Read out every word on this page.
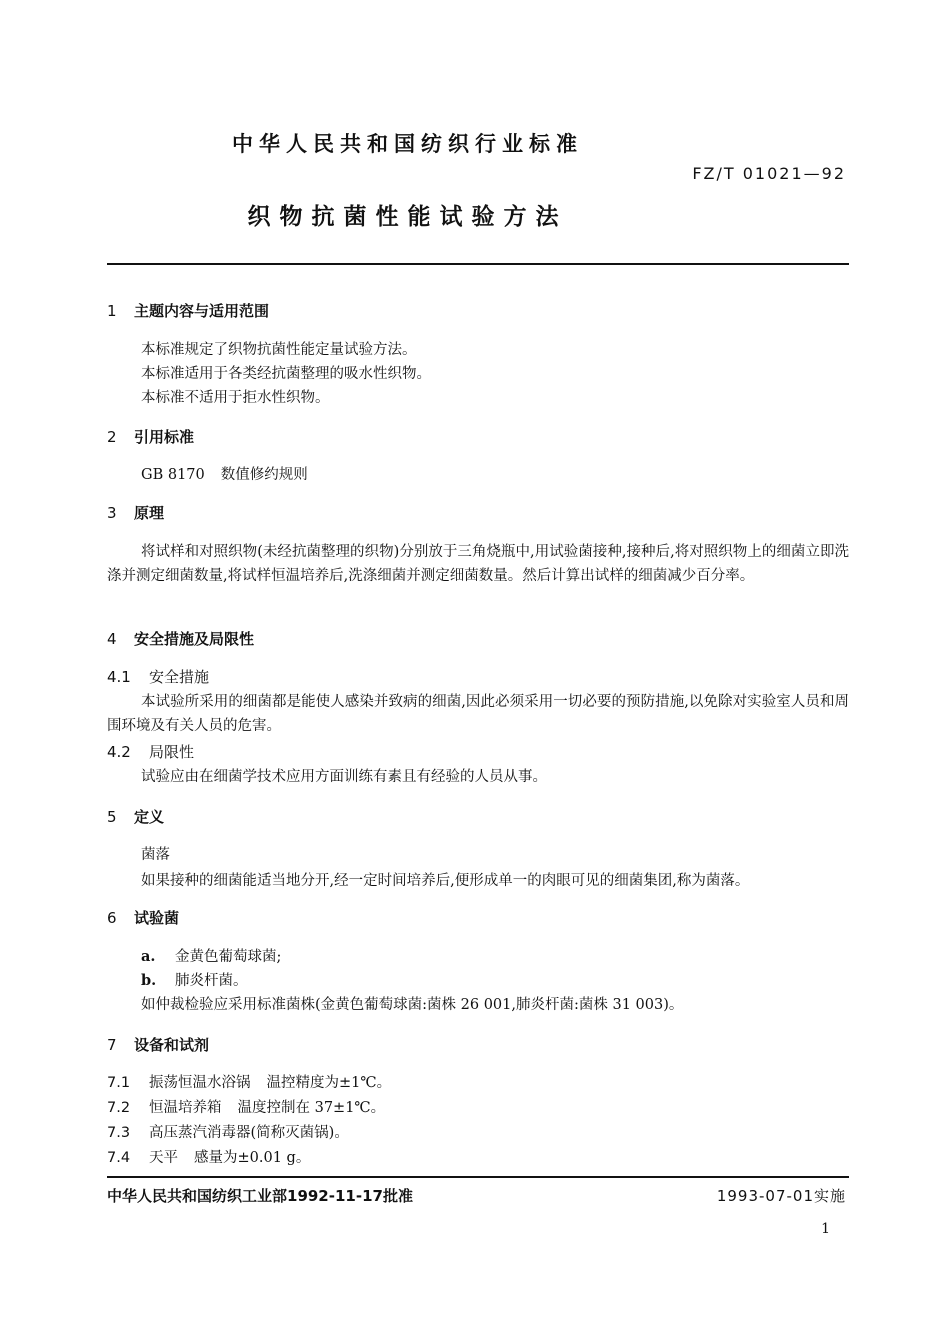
中华人民共和国纺织行业标准
FZ/T 01021—92
织物抗菌性能试验方法
1 主题内容与适用范围
本标准规定了织物抗菌性能定量试验方法。
本标准适用于各类经抗菌整理的吸水性织物。
本标准不适用于拒水性织物。
2 引用标准
GB 8170 数值修约规则
3 原理

将试样和对照织物(未经抗菌整理的织物)分别放于三角烧瓶中,用试验菌接种,接种后,将对照织物上的细菌立即洗涤并测定细菌数量,将试样恒温培养后,洗涤细菌并测定细菌数量。然后计算出试样的细菌减少百分率。

4 安全措施及局限性
4.1 安全措施

本试验所采用的细菌都是能使人感染并致病的细菌,因此必须采用一切必要的预防措施,以免除对实验室人员和周围环境及有关人员的危害。

4.2 局限性
试验应由在细菌学技术应用方面训练有素且有经验的人员从事。
5 定义
菌落
如果接种的细菌能适当地分开,经一定时间培养后,便形成单一的肉眼可见的细菌集团,称为菌落。
6 试验菌
a. 金黄色葡萄球菌;
b. 肺炎杆菌。
如仲裁检验应采用标准菌株(金黄色葡萄球菌:菌株 26 001,肺炎杆菌:菌株 31 003)。
7 设备和试剂
7.1 振荡恒温水浴锅 温控精度为±1℃。
7.2 恒温培养箱 温度控制在 37±1℃。
7.3 高压蒸汽消毒器(简称灭菌锅)。
7.4 天平 感量为±0.01 g。
中华人民共和国纺织工业部1992-11-17批准	1993-07-01实施
1
